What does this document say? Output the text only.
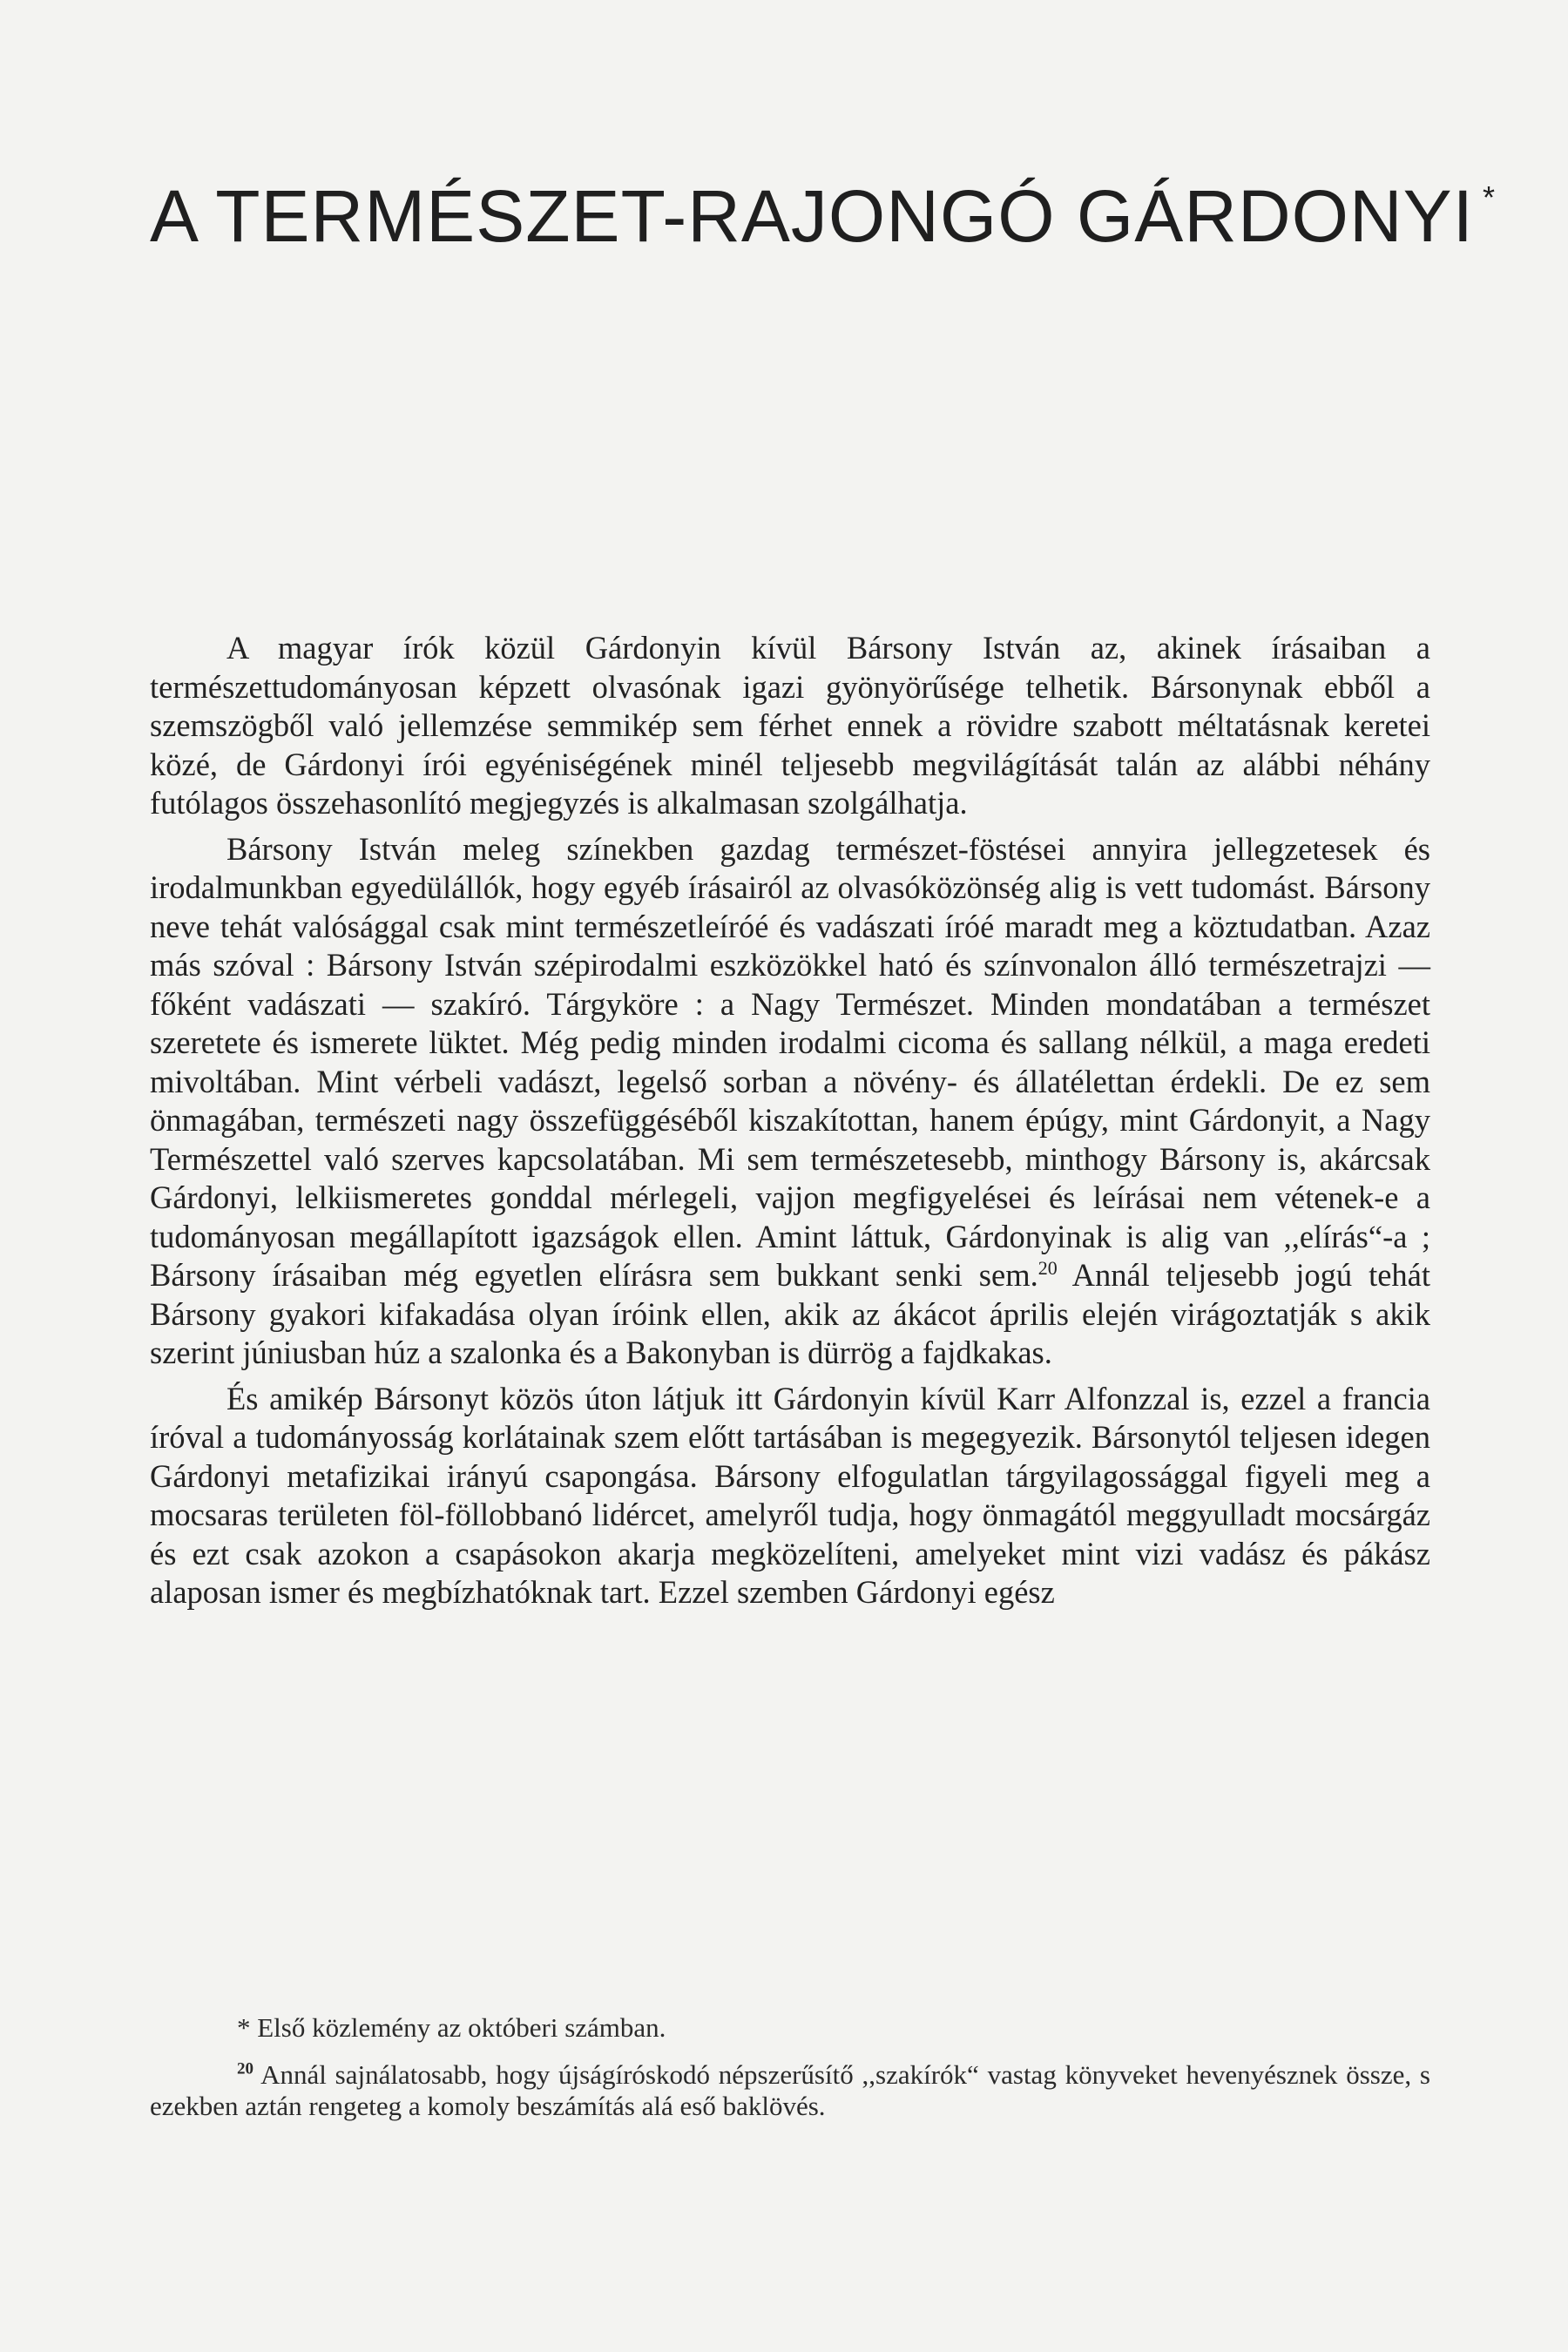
A TERMÉSZET-RAJONGÓ GÁRDONYI *

A magyar írók közül Gárdonyin kívül Bársony István az, akinek írásaiban a természettudományosan képzett olvasónak igazi gyönyörűsége telhetik. Bársonynak ebből a szemszögből való jellemzése semmikép sem férhet ennek a rövidre szabott méltatásnak keretei közé, de Gárdonyi írói egyéniségének minél teljesebb megvilágítását talán az alábbi néhány futólagos összehasonlító megjegyzés is alkalmasan szolgálhatja.

Bársony István meleg színekben gazdag természet-föstései annyira jellegzetesek és irodalmunkban egyedülállók, hogy egyéb írásairól az olvasóközönség alig is vett tudomást. Bársony neve tehát valósággal csak mint természetleíróé és vadászati íróé maradt meg a köztudatban. Azaz más szóval : Bársony István szépirodalmi eszközökkel ható és színvonalon álló természetrajzi — főként vadászati — szakíró. Tárgyköre : a Nagy Természet. Minden mondatában a természet szeretete és ismerete lüktet. Még pedig minden irodalmi cicoma és sallang nélkül, a maga eredeti mivoltában. Mint vérbeli vadászt, legelső sorban a növény- és állatélettan érdekli. De ez sem önmagában, természeti nagy összefüggéséből kiszakítottan, hanem épúgy, mint Gárdonyit, a Nagy Természettel való szerves kapcsolatában. Mi sem természetesebb, minthogy Bársony is, akárcsak Gárdonyi, lelkiismeretes gonddal mérlegeli, vajjon megfigyelései és leírásai nem vétenek-e a tudományosan megállapított igazságok ellen. Amint láttuk, Gárdonyinak is alig van ,,elírás“-a ; Bársony írásaiban még egyetlen elírásra sem bukkant senki sem.$^{20}$ Annál teljesebb jogú tehát Bársony gyakori kifakadása olyan íróink ellen, akik az ákácot április elején virágoztatják s akik szerint júniusban húz a szalonka és a Bakonyban is dürrög a fajdkakas.

És amikép Bársonyt közös úton látjuk itt Gárdonyin kívül Karr Alfonzzal is, ezzel a francia íróval a tudományosság korlátainak szem előtt tartásában is megegyezik. Bársonytól teljesen idegen Gárdonyi metafizikai irányú csapongása. Bársony elfogulatlan tárgyilagossággal figyeli meg a mocsaras területen föl-föllobbanó lidércet, amelyről tudja, hogy önmagától meggyulladt mocsárgáz és ezt csak azokon a csapásokon akarja megközelíteni, amelyeket mint vizi vadász és pákász alaposan ismer és megbízhatóknak tart. Ezzel szemben Gárdonyi egész

* Első közlemény az októberi számban.

$^{20}$ Annál sajnálatosabb, hogy újságíróskodó népszerűsítő ,,szakírók“ vastag könyveket hevenyésznek össze, s ezekben aztán rengeteg a komoly beszámítás alá eső baklövés.
